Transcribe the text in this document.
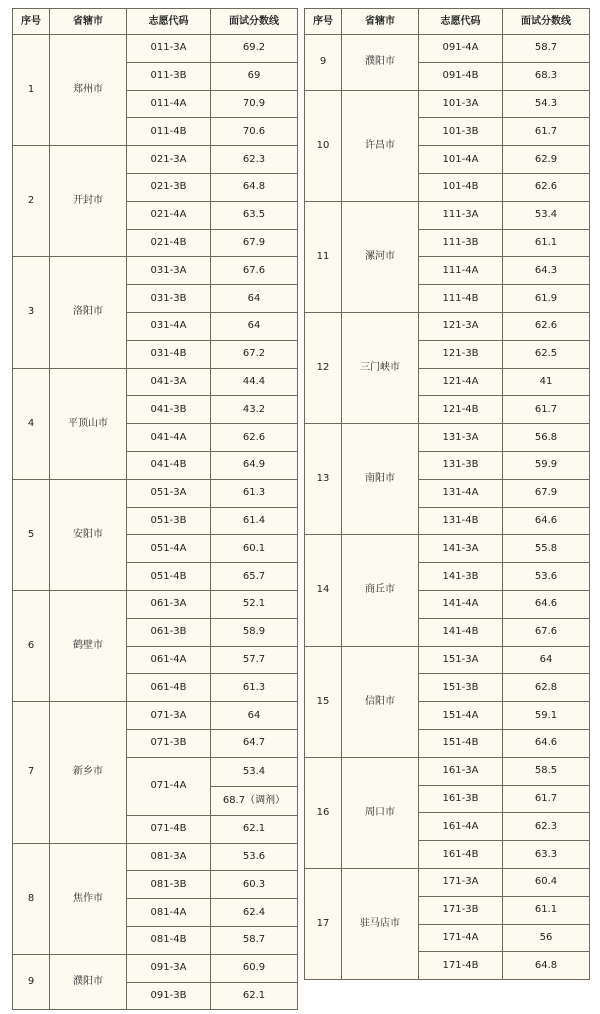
序号	省辖市	志愿代码	面试分数线
1	郑州市	011-3A	69.2
		011-3B	69
		011-4A	70.9
		011-4B	70.6
2	开封市	021-3A	62.3
		021-3B	64.8
		021-4A	63.5
		021-4B	67.9
3	洛阳市	031-3A	67.6
		031-3B	64
		031-4A	64
		031-4B	67.2
4	平顶山市	041-3A	44.4
		041-3B	43.2
		041-4A	62.6
		041-4B	64.9
5	安阳市	051-3A	61.3
		051-3B	61.4
		051-4A	60.1
		051-4B	65.7
6	鹤壁市	061-3A	52.1
		061-3B	58.9
		061-4A	57.7
		061-4B	61.3
7	新乡市	071-3A	64
		071-3B	64.7
		071-4A	53.4
			68.7（调剂）
		071-4B	62.1
8	焦作市	081-3A	53.6
		081-3B	60.3
		081-4A	62.4
		081-4B	58.7
9	濮阳市	091-3A	60.9
		091-3B	62.1
序号	省辖市	志愿代码	面试分数线
9	濮阳市	091-4A	58.7
		091-4B	68.3
10	许昌市	101-3A	54.3
		101-3B	61.7
		101-4A	62.9
		101-4B	62.6
11	漯河市	111-3A	53.4
		111-3B	61.1
		111-4A	64.3
		111-4B	61.9
12	三门峡市	121-3A	62.6
		121-3B	62.5
		121-4A	41
		121-4B	61.7
13	南阳市	131-3A	56.8
		131-3B	59.9
		131-4A	67.9
		131-4B	64.6
14	商丘市	141-3A	55.8
		141-3B	53.6
		141-4A	64.6
		141-4B	67.6
15	信阳市	151-3A	64
		151-3B	62.8
		151-4A	59.1
		151-4B	64.6
16	周口市	161-3A	58.5
		161-3B	61.7
		161-4A	62.3
		161-4B	63.3
17	驻马店市	171-3A	60.4
		171-3B	61.1
		171-4A	56
		171-4B	64.8
